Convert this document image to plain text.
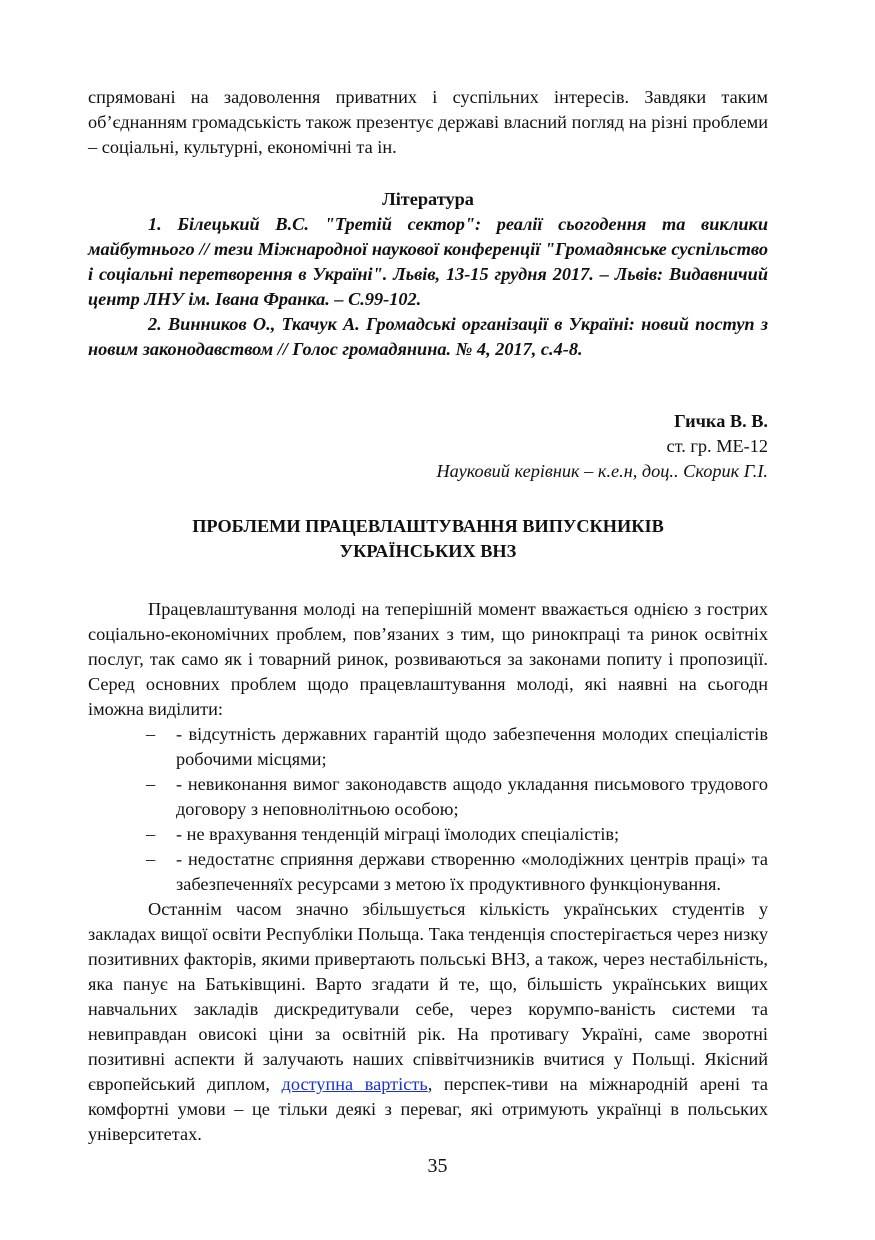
спрямовані на задоволення приватних і суспільних інтересів. Завдяки таким об’єднанням громадськість також презентує державі власний погляд на різні проблеми – соціальні, культурні, економічні та ін.

Література

1. Білецький В.С. "Третій сектор": реалії сьогодення та виклики майбутнього // тези Міжнародної наукової конференції "Громадянське суспільство і соціальні перетворення в Україні". Львів, 13-15 грудня 2017. – Львів: Видавничий центр ЛНУ ім. Івана Франка. – С.99-102.

2. Винников О., Ткачук А. Громадські організації в Україні: новий поступ з новим законодавством // Голос громадянина. № 4, 2017, с.4-8.

Гичка В. В.
ст. гр. МЕ-12
Науковий керівник – к.е.н, доц.. Скорик Г.І.
ПРОБЛЕМИ ПРАЦЕВЛАШТУВАННЯ ВИПУСКНИКІВ
УКРАЇНСЬКИХ ВНЗ

Працевлаштування молоді на теперішній момент вважається однією з гострих соціально-економічних проблем, пов’язаних з тим, що ринокпраці та ринок освітніх послуг, так само як і товарний ринок, розвиваються за законами попиту і пропозиції. Серед основних проблем щодо працевлаштування молоді, які наявні на сьогодн іможна виділити:

– - відсутність державних гарантій щодо забезпечення молодих спеціалістів робочими місцями;
– - невиконання вимог законодавств ащодо укладання письмового трудового договору з неповнолітньою особою;
– - не врахування тенденцій міграці їмолодих спеціалістів;
– - недостатнє сприяння держави створенню «молодіжних центрів праці» та забезпеченняїх ресурсами з метою їх продуктивного функціонування.

Останнім часом значно збільшується кількість українських студентів у закладах вищої освіти Республіки Польща. Така тенденція спостерігається через низку позитивних факторів, якими привертають польські ВНЗ, а також, через нестабільність, яка панує на Батьківщині. Варто згадати й те, що, більшість українських вищих навчальних закладів дискредитували себе, через корумпо-ваність системи та невиправдан овисокі ціни за освітній рік. На противагу Україні, саме зворотні позитивні аспекти й залучають наших співвітчизників вчитися у Польщі. Якісний європейський диплом, доступна вартість, перспек-тиви на міжнародній арені та комфортні умови – це тільки деякі з переваг, які отримують українці в польських університетах.

35
